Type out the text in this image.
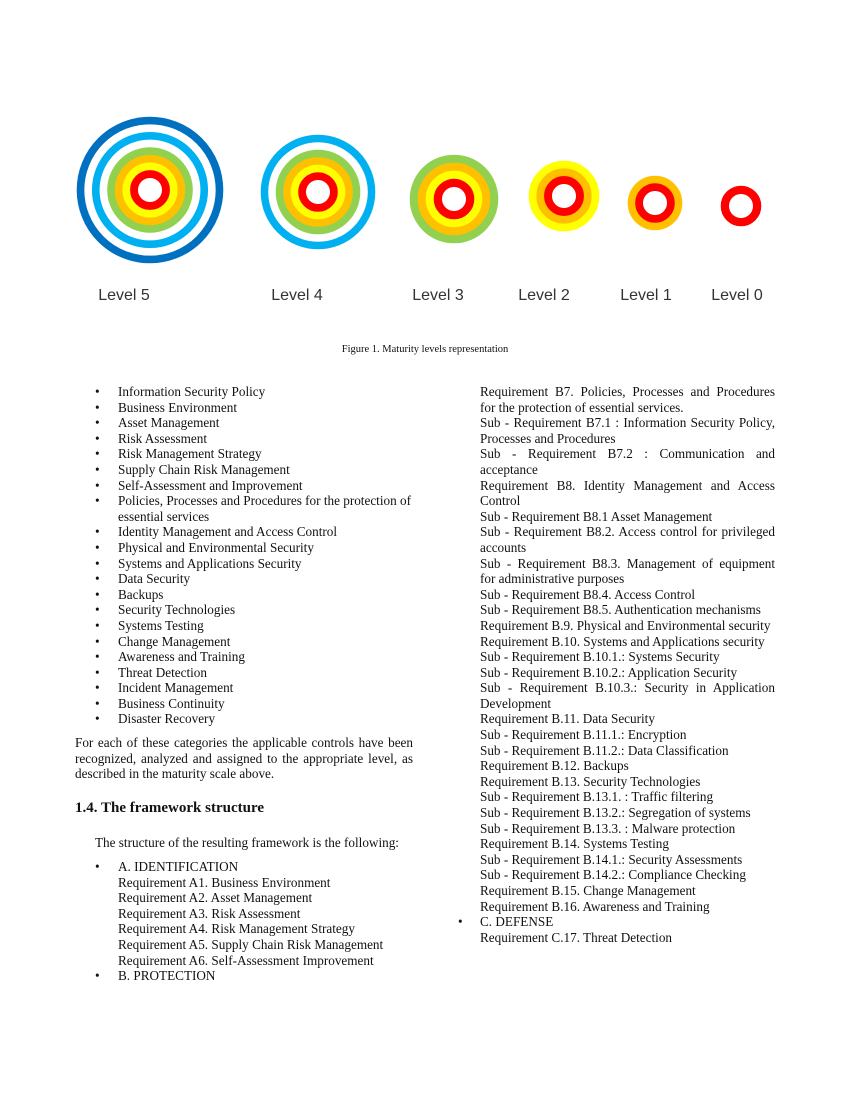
Level 5	Level 4	Level 3	Level 2	Level 1 Level 0
Figure 1. Maturity levels representation
• Information Security Policy
• Business Environment
• Asset Management
• Risk Assessment
• Risk Management Strategy
• Supply Chain Risk Management
• Self-Assessment and Improvement
• Policies, Processes and Procedures for the protection of essential services
• Identity Management and Access Control
• Physical and Environmental Security
• Systems and Applications Security
• Data Security
• Backups
• Security Technologies
• Systems Testing
• Change Management
• Awareness and Training
• Threat Detection
• Incident Management
• Business Continuity
• Disaster Recovery
For each of these categories the applicable controls have been recognized, analyzed and assigned to the appropriate level, as described in the maturity scale above.
1.4. The framework structure
The structure of the resulting framework is the following:
• A. IDENTIFICATION
Requirement A1. Business Environment
Requirement A2. Asset Management
Requirement A3. Risk Assessment
Requirement A4. Risk Management Strategy
Requirement A5. Supply Chain Risk Management
Requirement A6. Self-Assessment Improvement
• B. PROTECTION
Requirement B7. Policies, Processes and Procedures for the protection of essential services.
Sub - Requirement B7.1 : Information Security Policy, Processes and Procedures
Sub - Requirement B7.2 : Communication and acceptance
Requirement B8. Identity Management and Access Control
Sub - Requirement B8.1 Asset Management
Sub - Requirement B8.2. Access control for privileged accounts
Sub - Requirement B8.3. Management of equipment for administrative purposes
Sub - Requirement B8.4. Access Control
Sub - Requirement B8.5. Authentication mechanisms
Requirement B.9. Physical and Environmental security
Requirement B.10. Systems and Applications security
Sub - Requirement B.10.1.: Systems Security
Sub - Requirement B.10.2.: Application Security
Sub - Requirement B.10.3.: Security in Application Development
Requirement B.11. Data Security
Sub - Requirement B.11.1.: Encryption
Sub - Requirement B.11.2.: Data Classification
Requirement B.12. Backups
Requirement B.13. Security Technologies
Sub - Requirement B.13.1. : Traffic filtering
Sub - Requirement B.13.2.: Segregation of systems
Sub - Requirement B.13.3. : Malware protection
Requirement B.14. Systems Testing
Sub - Requirement B.14.1.: Security Assessments
Sub - Requirement B.14.2.: Compliance Checking
Requirement B.15. Change Management
Requirement B.16. Awareness and Training
• C. DEFENSE
Requirement C.17. Threat Detection
